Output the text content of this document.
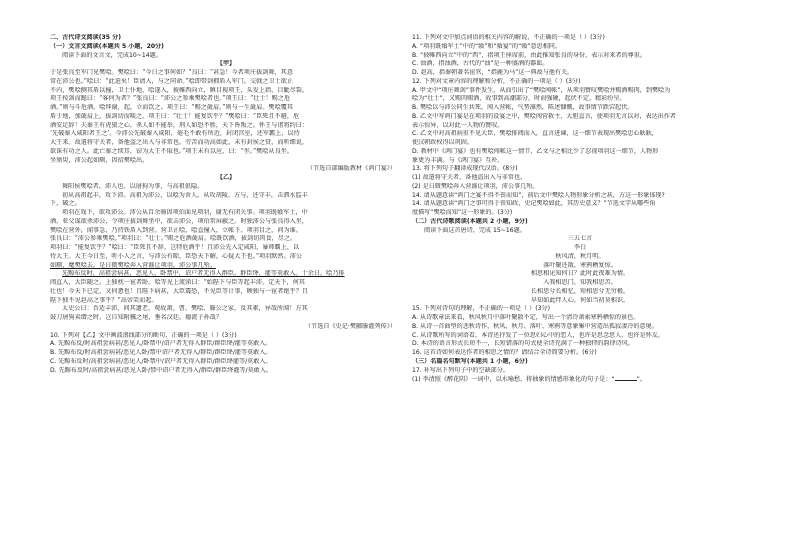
二、古代诗文阅读(35 分)
（一）文言文阅读(本题共 5 小题，20分)
阅读下面的文言文，完成10~14题。
【甲】
于是张良至军门见樊哙。樊哙曰：“今日之事何如？”良曰：“甚急！今者项庄拔剑舞，其意
常在沛公也。”哙曰：“此迫矣！臣请入，与之同命。”哙即带剑拥盾入军门。交戟之卫士欲止
不内，樊哙侧其盾以撞，卫士仆地，哙遂入，披帷西向立，瞋目视项王，头发上指，目眦尽裂。
项王按剑而跽曰：“客何为者？”张良曰：“沛公之参乘樊哙者也。”项王曰：“壮士！赐之卮
酒。”则与斗卮酒。哙拜谢，起，立而饮之。项王曰：“赐之彘肩。”则与一生彘肩。樊哙覆其
盾于地，加彘肩上，拔剑切而啖之。项王曰：“壮士！能复饮乎？”樊哙曰：“臣死且不避，卮
酒安足辞！夫秦王有虎狼之心，杀人如不能举，刑人如恐不胜，天下皆叛之。怀王与诸将约曰：
‘先破秦入咸阳者王之’。今沛公先破秦入咸阳，毫毛不敢有所近，封闭宫室，还军霸上，以待
大王来。故遣将守关者，备他盗之出入与非常也。劳苦而功高如此，未有封侯之赏，而听细说，
欲诛有功之人。此亡秦之续耳，窃为大王不取也。”项王未有以应，曰：“坐。”樊哙从良坐。
坐须臾，沛公起如厕，因招樊哙出。
（节选自部编版教材《鸿门宴》）
【乙】
舞阳侯樊哙者，沛人也。以屠狗为事，与高祖俱隐。
初从高祖起丰，攻下沛。高祖为沛公，以哙为舍人。从攻胡陵、方与，还守丰，击泗水监丰
下，破之。
项羽在戏下，欲攻沛公。沛公从百余骑因项伯面见项羽，谢无有闭关事。项羽既飨军士，中
酒，亚父谋欲杀沛公，令项庄拔剑舞坐中，欲击沛公，项伯常屏蔽之。时独沛公与张良得入坐，
樊哙在营外，闻事急，乃持铁盾入到营。营卫止哙，哙直撞入，立帐下。项羽目之，问为谁。
张良曰：“沛公参乘樊哙。”项羽曰：“壮士。”赐之卮酒彘肩。哙既饮酒，拔剑切肉食，尽之。
项羽曰：“能复饮乎？”哙曰：“臣死且不辞，岂特卮酒乎！且沛公先入定咸阳，暴师霸上，以
待大王。大王今日至，听小人之言，与沛公有隙，臣恐天下解，心疑大王也。”项羽默然。沛公
如厕，麾樊哙去。是日微樊哙奔入营谯让项羽，沛公事几殆。
先黥布反时，高祖尝病甚，恶见人，卧禁中，诏户者无得入群臣。群臣绛、灌等莫敢入。十余日，哙乃排
闼直入，大臣随之。上独枕一宦者卧。哙等见上流涕曰：“始陛下与臣等起丰沛，定天下，何其
壮也！今天下已定，又何惫也！且陛下病甚，大臣震恐，不见臣等计事，顾独与一宦者绝乎？且
陛下独不见赵高之事乎？”高帝笑而起。
太史公曰：吾适丰沛，问其遗老，观故萧、曹、樊哙、滕公之家，及其素，异哉所闻！方其
鼓刀屠狗卖缯之时，岂自知附骥之尾，垂名汉廷，德流子孙哉？
（节选自《史记·樊郦滕灌列传》）
10. 下列对【乙】文中画波浪线部分的断句，正确的一项是（ ）(3分)
A. 先黥布反/时高祖尝病甚/恶见人/卧禁中/诏户者无得入群臣/群臣绛/灌等莫敢入。
B. 先黥布反/时高祖尝病甚/恶见人卧/禁中诏户者无得入/群臣/群臣绛/灌等莫敢入。
C. 先黥布反时/高祖尝病甚/恶见人/卧禁中/诏户者无得入群臣/群臣绛灌等/莫敢入。
D. 先黥布反时/高祖尝病甚/恶见人卧/禁中诏户者无得入/群臣/群臣绛灌等/莫敢入。
11. 下列对文中加点词语的相关内容的解说，不正确的一项是（ ）(3分)
A. “项羽既飨军士”中的“飨”和“飨宴”的“飨”意思相同。
B. “披帷西向立”中的“西”，指项王座席前，由此推知张良的身份，表示对来者的尊重。
C. 浊酒，指浊酒，古代的“浊”是一种盛酒的器皿。
D. 赵高，指秦朝著名宦官，“指鹿为马”这一典故与他有关。
12. 下列对文章内容的理解和分析，不正确的一项是（ ）(3分)
A. 甲文中“项庄舞剑”事件发生，从而引出了“樊哙闯帐”，从项羽赞叹樊哙并赐酒赐肉，到樊哙为
哙为“壮士”，又赐肉赐酒，故事到高潮部分，时而强硬，起伏不定，精彩纷呈。
B. 樊哙以与沛公同生共死，闯入营帐，气势凛然，陈述慷慨，故事情节跌宕起伏。
B. 乙文中写鸿门宴是在项羽的设宴之中，樊哙闯营救主，大胆直言，使项羽无言以对，表达出作者
表示惊异，以对此一人物的赞叹。
C. 乙文中对高祖病重不见大臣，樊哙排闼而入，直言进谏，这一细节表现出樊哙忠心耿耿，
使汉朝政权得以巩固。
D. 教材中《鸿门宴》也有樊哙闯帐这一情节，乙文与之相比少了忍视项羽这一细节，人物形
象更为丰满。与《鸿门宴》互补。
13. 将下列句子翻译成现代汉语。(8分)
(1) 故遣将守关者，备他盗出入与非常也。
(2) 是日微樊哙奔入营谯让项羽，沛公事几殆。
14. 请从题意读“鸿门之宴不得不丧而知”，前后文中樊哙人物形象分析之甚，方这一形象体现?
14. 请从题意读“鸿门之事可得于丧知政，史记樊哙如此，其历史意义？”节选文字从哪些角
度描写“樊哙而知”这一形象的。(3分)
（二）古代诗歌阅读(本题共 2 小题，9分)
阅读下面这首唐诗，完成 15~16题。
三五七言
李白
秋风清，秋月明。
落叶聚还散，寒鸦栖复惊。
相思相见知何日？此时此夜难为情。
入我相思门，知我相思苦。
长相思兮长相忆，短相思兮无穷极。
早知如此绊人心，何如当初莫相识。
15. 下列对诗句的理解，不正确的一项是（ ）(3分)
A. 从诗歌章法来看，秋风秋月中落叶聚散不定，写出一个清冷萧索寒鸦栖惊的景色。
B. 从诗一首曲型的悲秋诗作，秋风、秋月、落叶、寒鸦等意象集中营造出孤寂凄冷的意境。
C. 从诗歌所写的词语看，本诗还抒发了一位思妇心中的恋人，也许是思念思人，也许是怀友。
D. 本诗的语言形式长短不一，长短错落的句式使全诗充满了一种独特的韵律诗风。
16. 这首诗如何表达作者的相思之情的？请结合全诗简要分析。(6分)
（三）名篇名句默写(本题共 1 小题，6分)
17. 补写出下列句子中的空缺部分。
(1) 李清照《醉花阴》一词中，以水喻愁，将抽象的情感形象化的句子是：“	”。
